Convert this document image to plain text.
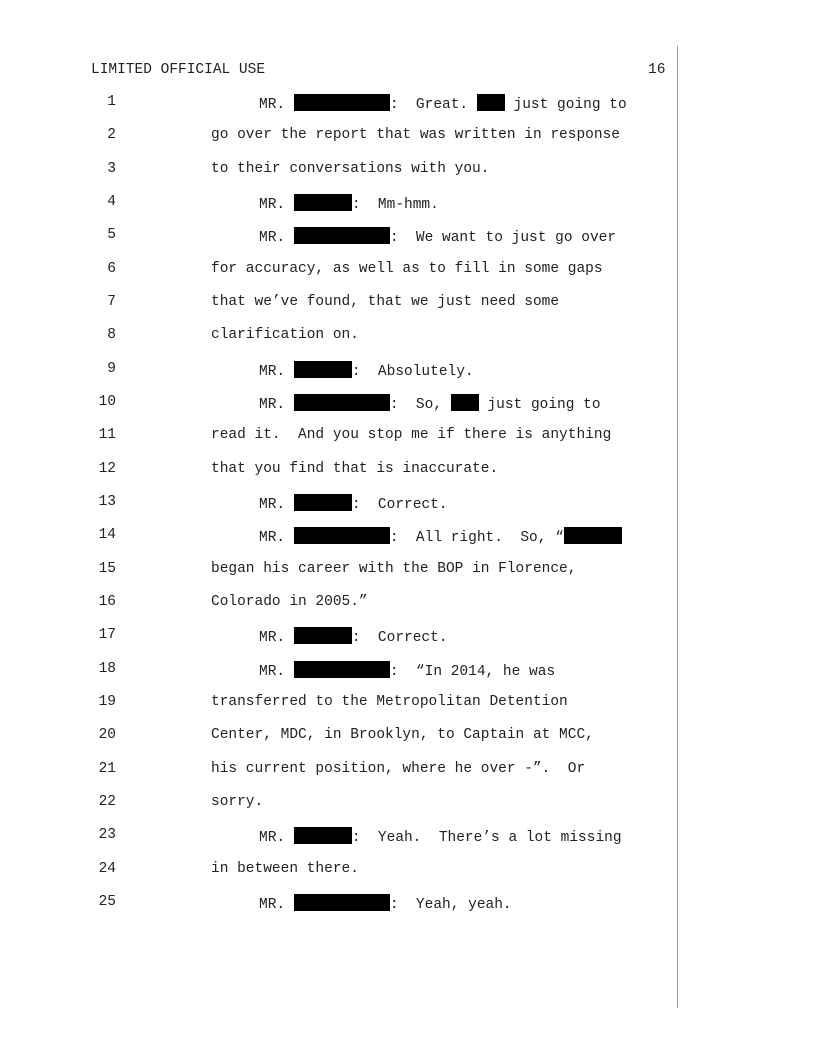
LIMITED OFFICIAL USE	16
1	MR.	:  Great.  just going to
2	go over the report that was written in response
3	to their conversations with you.
4	MR.	:  Mm-hmm.
5	MR.	:  We want to just go over
6	for accuracy, as well as to fill in some gaps
7	that we’ve found, that we just need some
8	clarification on.
9	MR.	:  Absolutely.
10	MR.	:  So,  just going to
11	read it.  And you stop me if there is anything
12	that you find that is inaccurate.
13	MR.	:  Correct.
14	MR.	:  All right.  So, “
15	began his career with the BOP in Florence,
16	Colorado in 2005.”
17	MR.	:  Correct.
18	MR.	:  “In 2014, he was
19	transferred to the Metropolitan Detention
20	Center, MDC, in Brooklyn, to Captain at MCC,
21	his current position, where he over -”.  Or
22	sorry.
23	MR.	:  Yeah.  There’s a lot missing
24	in between there.
25	MR.	:  Yeah, yeah.
